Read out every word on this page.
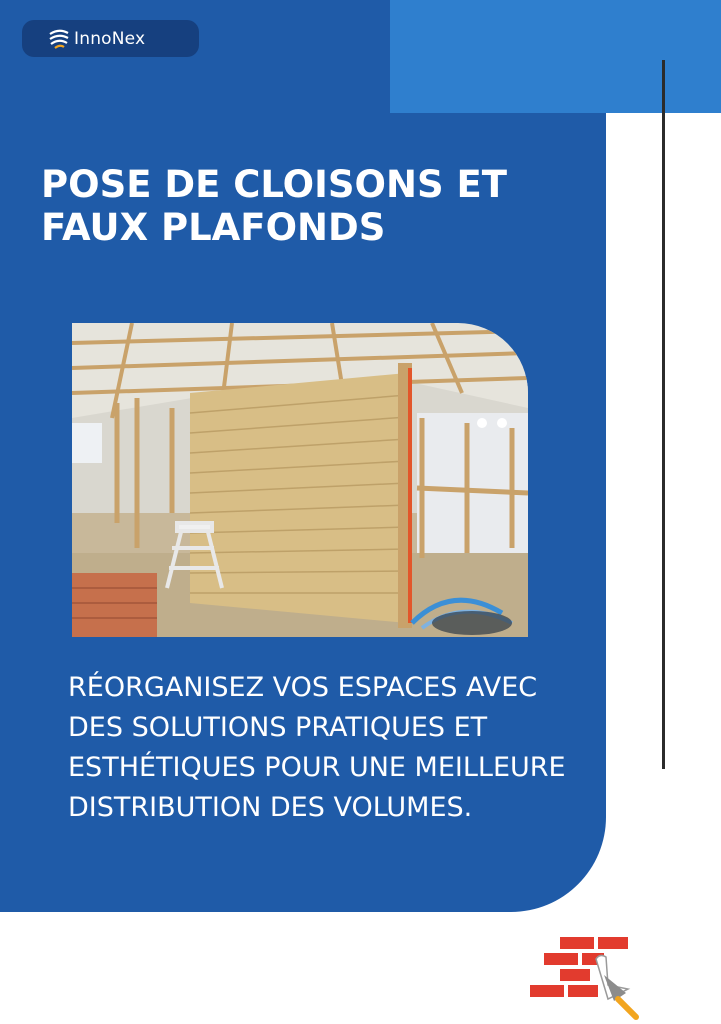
InnoNex
POSE DE CLOISONS ET FAUX PLAFONDS

RÉORGANISEZ VOS ESPACES AVEC DES SOLUTIONS PRATIQUES ET ESTHÉTIQUES POUR UNE MEILLEURE DISTRIBUTION DES VOLUMES.
